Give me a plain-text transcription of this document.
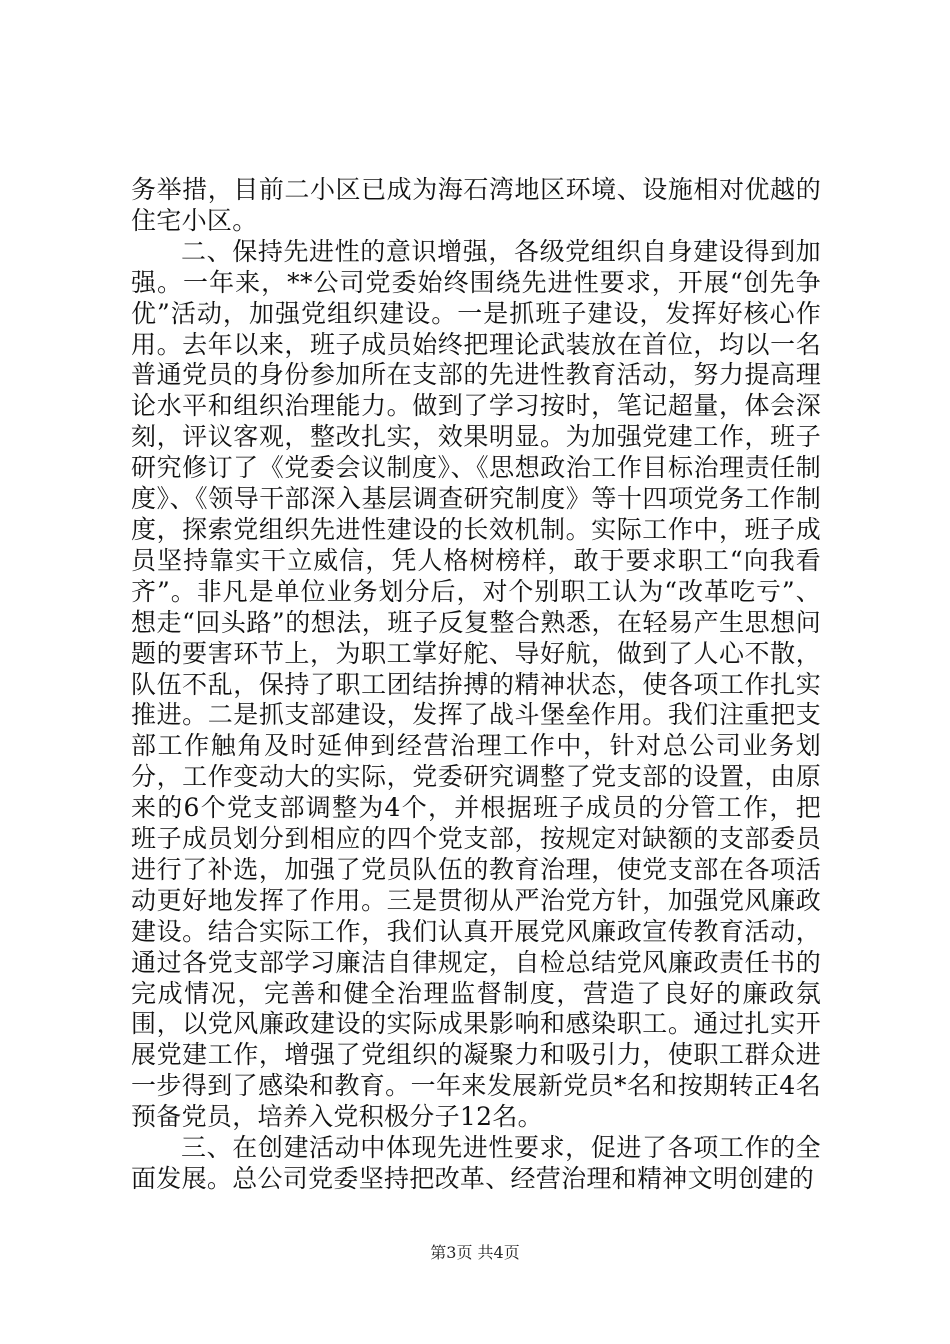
务举措，目前二小区已成为海石湾地区环境、设施相对优越的住宅小区。

二、保持先进性的意识增强，各级党组织自身建设得到加强。一年来，**公司党委始终围绕先进性要求，开展“创先争优”活动，加强党组织建设。一是抓班子建设，发挥好核心作用。去年以来，班子成员始终把理论武装放在首位，均以一名普通党员的身份参加所在支部的先进性教育活动，努力提高理论水平和组织治理能力。做到了学习按时，笔记超量，体会深刻，评议客观，整改扎实，效果明显。为加强党建工作，班子研究修订了《党委会议制度》、《思想政治工作目标治理责任制度》、《领导干部深入基层调查研究制度》等十四项党务工作制度，探索党组织先进性建设的长效机制。实际工作中，班子成员坚持靠实干立威信，凭人格树榜样，敢于要求职工“向我看齐”。非凡是单位业务划分后，对个别职工认为“改革吃亏”、想走“回头路”的想法，班子反复整合熟悉，在轻易产生思想问题的要害环节上，为职工掌好舵、导好航，做到了人心不散，队伍不乱，保持了职工团结拚搏的精神状态，使各项工作扎实推进。二是抓支部建设，发挥了战斗堡垒作用。我们注重把支部工作触角及时延伸到经营治理工作中，针对总公司业务划分，工作变动大的实际，党委研究调整了党支部的设置，由原来的6个党支部调整为4个，并根据班子成员的分管工作，把班子成员划分到相应的四个党支部，按规定对缺额的支部委员进行了补选，加强了党员队伍的教育治理，使党支部在各项活动更好地发挥了作用。三是贯彻从严治党方针，加强党风廉政建设。结合实际工作，我们认真开展党风廉政宣传教育活动，通过各党支部学习廉洁自律规定，自检总结党风廉政责任书的完成情况，完善和健全治理监督制度，营造了良好的廉政氛围，以党风廉政建设的实际成果影响和感染职工。通过扎实开展党建工作，增强了党组织的凝聚力和吸引力，使职工群众进一步得到了感染和教育。一年来发展新党员*名和按期转正4名预备党员，培养入党积极分子12名。

三、在创建活动中体现先进性要求，促进了各项工作的全面发展。总公司党委坚持把改革、经营治理和精神文明创建的

第3页 共4页
